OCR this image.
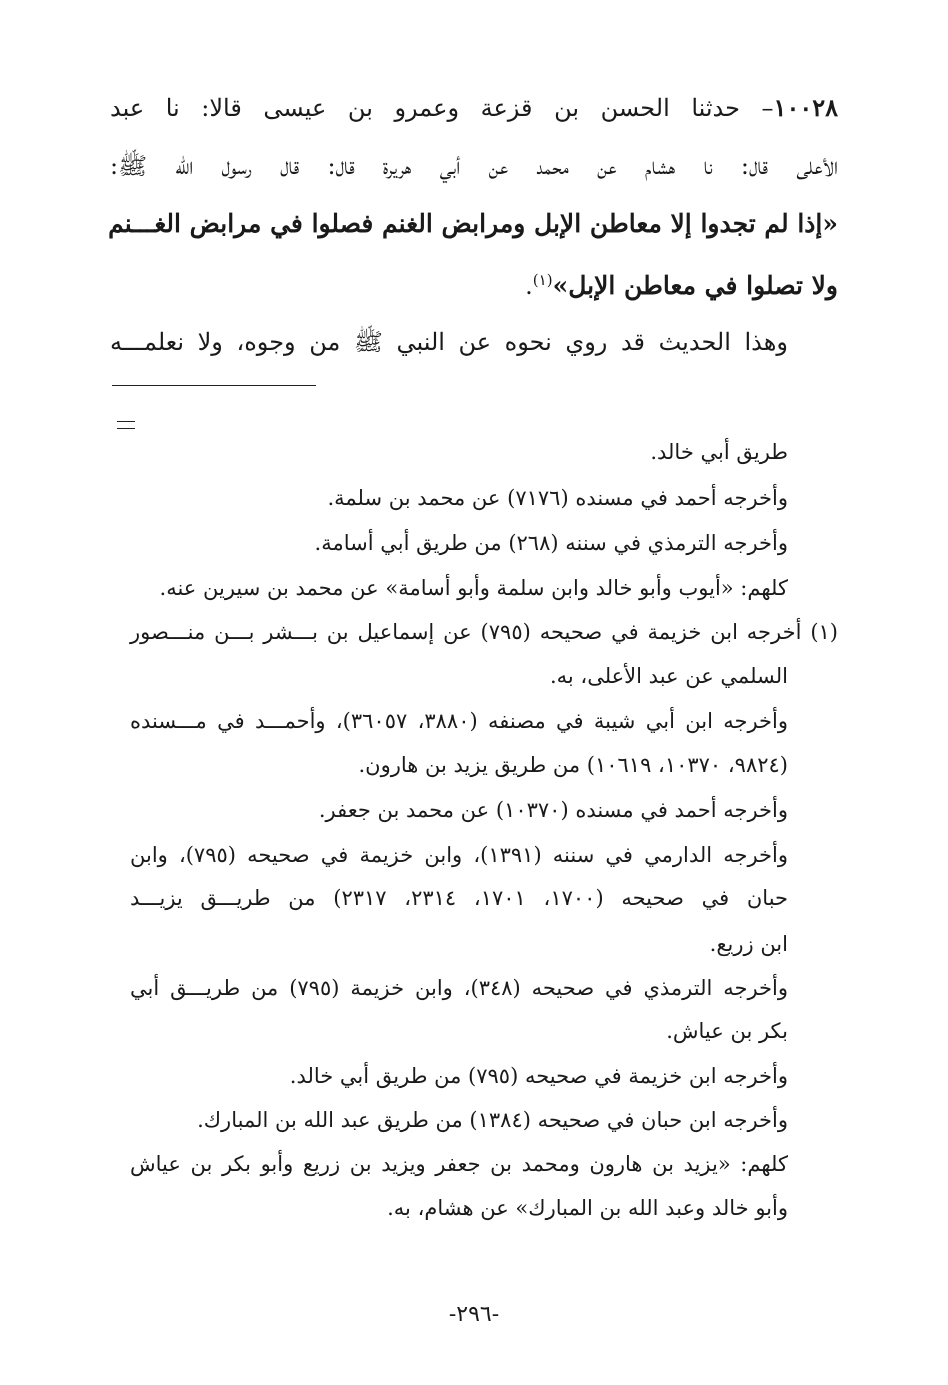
١٠٠٢٨– حدثنا الحسن بن قزعة وعمرو بن عيسى قالا: نا عبد
الأعلى قال: نا هشام عن محمد عن أبي هريرة قال: قال رسول الله ﷺ:
«إذا لم تجدوا إلا معاطن الإبل ومرابض الغنم فصلوا في مرابض الغـــنم
ولا تصلوا في معاطن الإبل»$^{(١)}$.
وهذا الحديث قد روي نحوه عن النبي ﷺ من وجوه، ولا نعلمـــه
طريق أبي خالد.
وأخرجه أحمد في مسنده (٧١٧٦) عن محمد بن سلمة.
وأخرجه الترمذي في سننه (٢٦٨) من طريق أبي أسامة.
كلهم: «أيوب وأبو خالد وابن سلمة وأبو أسامة» عن محمد بن سيرين عنه.
(١) أخرجه ابن خزيمة في صحيحه (٧٩٥) عن إسماعيل بن بـــشر بـــن منـــصور
السلمي عن عبد الأعلى، به.
وأخرجه ابن أبي شيبة في مصنفه (٣٨٨٠، ٣٦٠٥٧)، وأحمـــد في مـــسنده
(٩٨٢٤، ١٠٣٧٠، ١٠٦١٩) من طريق يزيد بن هارون.
وأخرجه أحمد في مسنده (١٠٣٧٠) عن محمد بن جعفر.
وأخرجه الدارمي في سننه (١٣٩١)، وابن خزيمة في صحيحه (٧٩٥)، وابن
حبان في صحيحه (١٧٠٠، ١٧٠١، ٢٣١٤، ٢٣١٧) من طريـــق يزيـــد
ابن زريع.
وأخرجه الترمذي في صحيحه (٣٤٨)، وابن خزيمة (٧٩٥) من طريـــق أبي
بكر بن عياش.
وأخرجه ابن خزيمة في صحيحه (٧٩٥) من طريق أبي خالد.
وأخرجه ابن حبان في صحيحه (١٣٨٤) من طريق عبد الله بن المبارك.
كلهم: «يزيد بن هارون ومحمد بن جعفر ويزيد بن زريع وأبو بكر بن عياش
وأبو خالد وعبد الله بن المبارك» عن هشام، به.
-٢٩٦-
